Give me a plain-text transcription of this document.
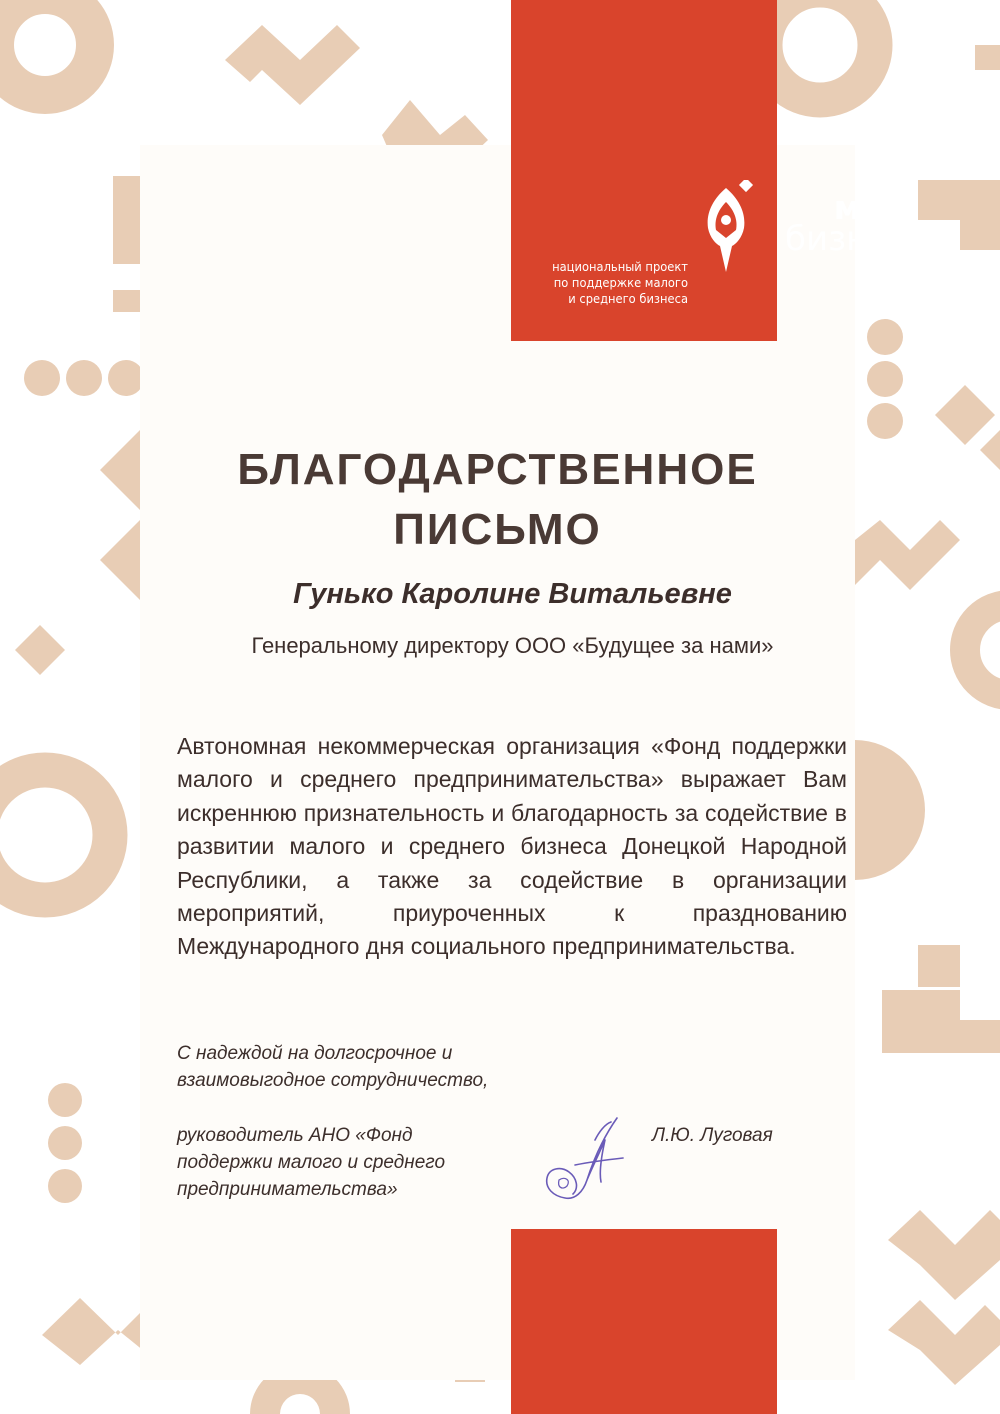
мой
бизнес
национальный проект
по поддержке малого
и среднего бизнеса
БЛАГОДАРСТВЕННОЕ
ПИСЬМО
Гунько Каролине Витальевне
Генеральному директору ООО «Будущее за нами»

Автономная некоммерческая организация «Фонд поддержки малого и среднего предпринимательства» выражает Вам искреннюю признательность и благодарность за содействие в развитии малого и среднего бизнеса Донецкой Народной Республики, а также за содействие в организации мероприятий, приуроченных к празднованию Международного дня социального предпринимательства.

С надеждой на долгосрочное и
взаимовыгодное сотрудничество,
руководитель АНО «Фонд
поддержки малого и среднего
предпринимательства»
Л.Ю. Луговая
